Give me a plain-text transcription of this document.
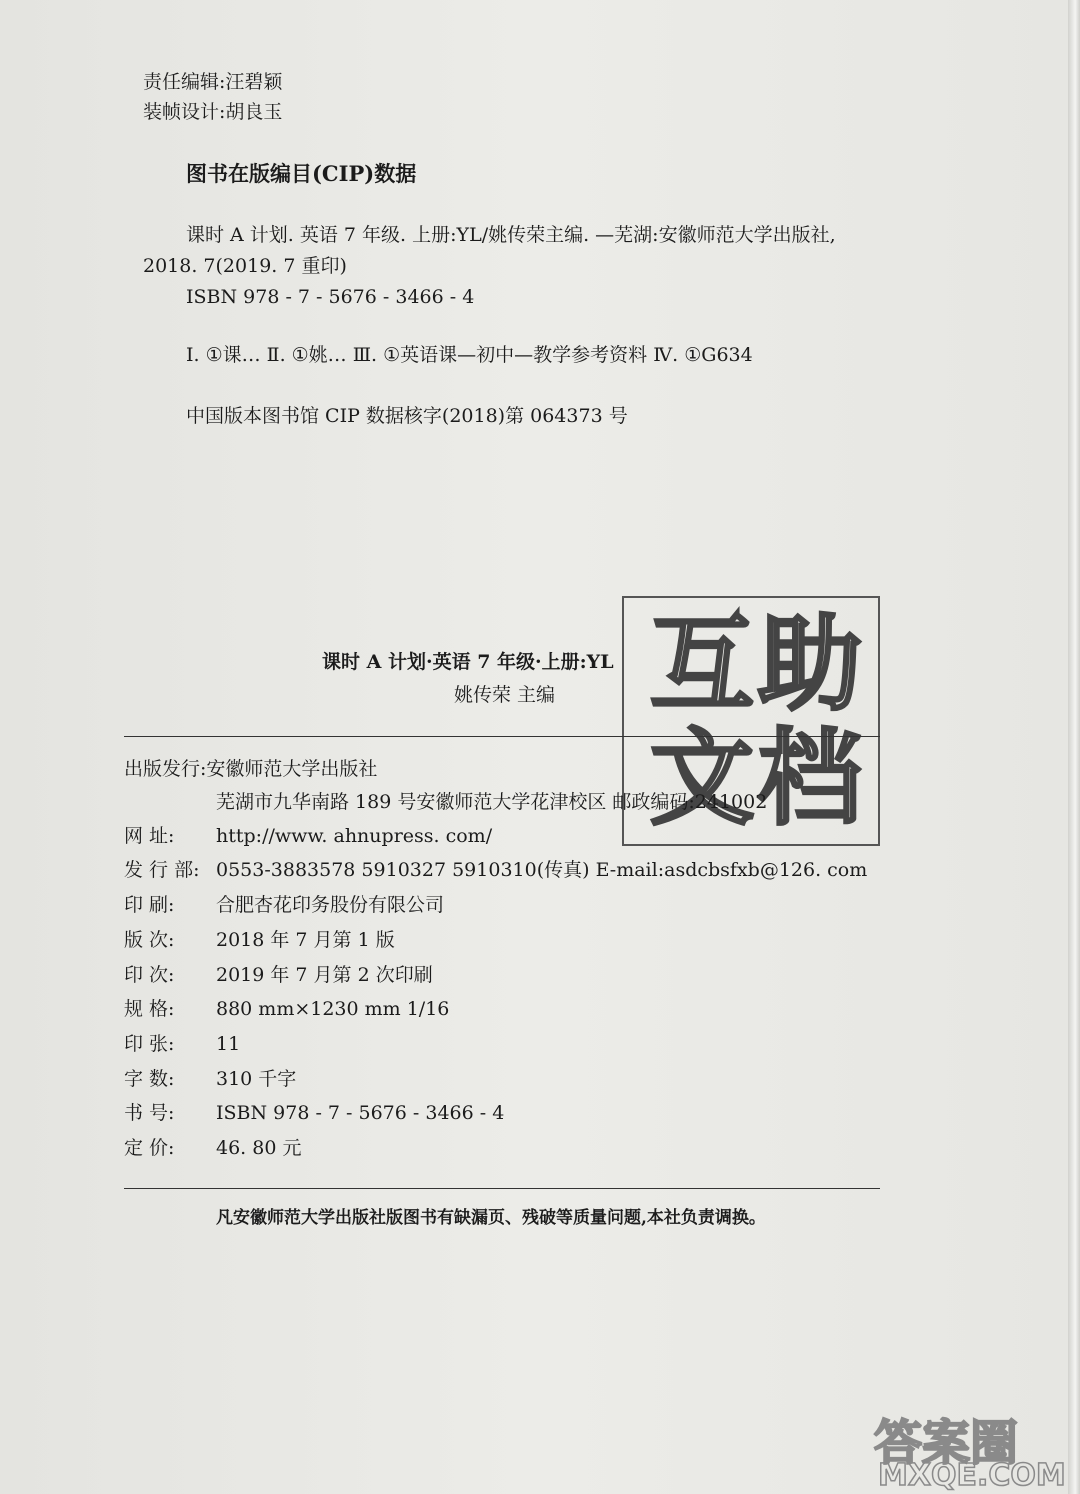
责任编辑:汪碧颖
装帧设计:胡良玉
图书在版编目(CIP)数据
课时 A 计划. 英语 7 年级. 上册:YL/姚传荣主编. —芜湖:安徽师范大学出版社,
2018. 7(2019. 7 重印)
ISBN 978 - 7 - 5676 - 3466 - 4
Ⅰ. ①课… Ⅱ. ①姚… Ⅲ. ①英语课—初中—教学参考资料 Ⅳ. ①G634
中国版本图书馆 CIP 数据核字(2018)第 064373 号
互 助
文 档
课时 A 计划·英语 7 年级·上册:YL
姚传荣 主编
出版发行:安徽师范大学出版社
芜湖市九华南路 189 号安徽师范大学花津校区 邮政编码:241002
网 址: http://www. ahnupress. com/
发 行 部: 0553-3883578 5910327 5910310(传真) E-mail:asdcbsfxb@126. com
印 刷: 合肥杏花印务股份有限公司
版 次: 2018 年 7 月第 1 版
印 次: 2019 年 7 月第 2 次印刷
规 格: 880 mm×1230 mm 1/16
印 张: 11
字 数: 310 千字
书 号: ISBN 978 - 7 - 5676 - 3466 - 4
定 价: 46. 80 元
凡安徽师范大学出版社版图书有缺漏页、残破等质量问题,本社负责调换。
答案圈
MXQE.COM
